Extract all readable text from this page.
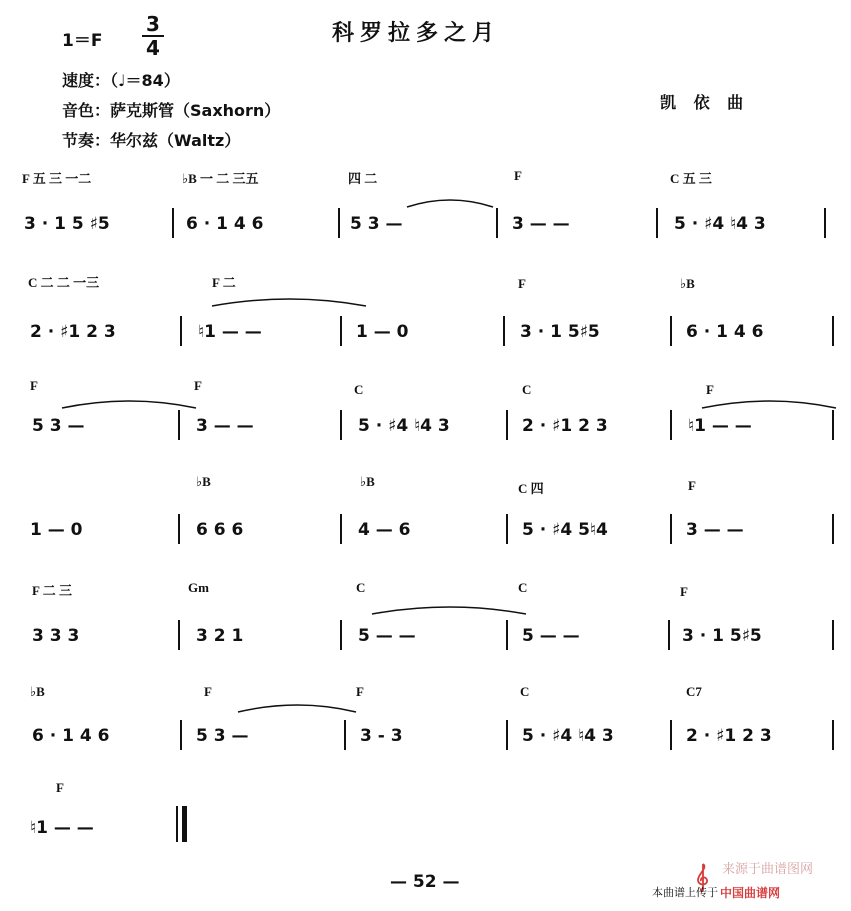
1＝F
3
4
科罗拉多之月
速度：（♩＝84）
音色：萨克斯管（Saxhorn）
节奏：华尔兹（Waltz）
凯 依 曲
F 五 三 一二	♭B 一 二 三五	四 二	F	C 五 三
3 · 1 5 ♯5	6 · 1 4 6	5 3 —	3 — —	5 · ♯4 ♮4 3
C 二 二 一三	F 二	F	♭B
2 · ♯1 2 3	♮1 — —	1 — 0	3 · 1 5♯5	6 · 1 4 6
F	F	C	C	F
5 3 —	3 — —	5 · ♯4 ♮4 3	2 · ♯1 2 3	♮1 — —
♭B	♭B	C 四	F
1 — 0	6 6 6	4 — 6	5 · ♯4 5♮4	3 — —
F 二 三	Gm	C	C	F
3 3 3	3 2 1	5 — —	5 — —	3 · 1 5♯5
♭B	F	F	C	C7
6 · 1 4 6	5 3 —	3 - 3	5 · ♯4 ♮4 3	2 · ♯1 2 3
F
♮1 — —
— 52 —
来源于曲谱图网
本曲谱上传于 中国曲谱网
